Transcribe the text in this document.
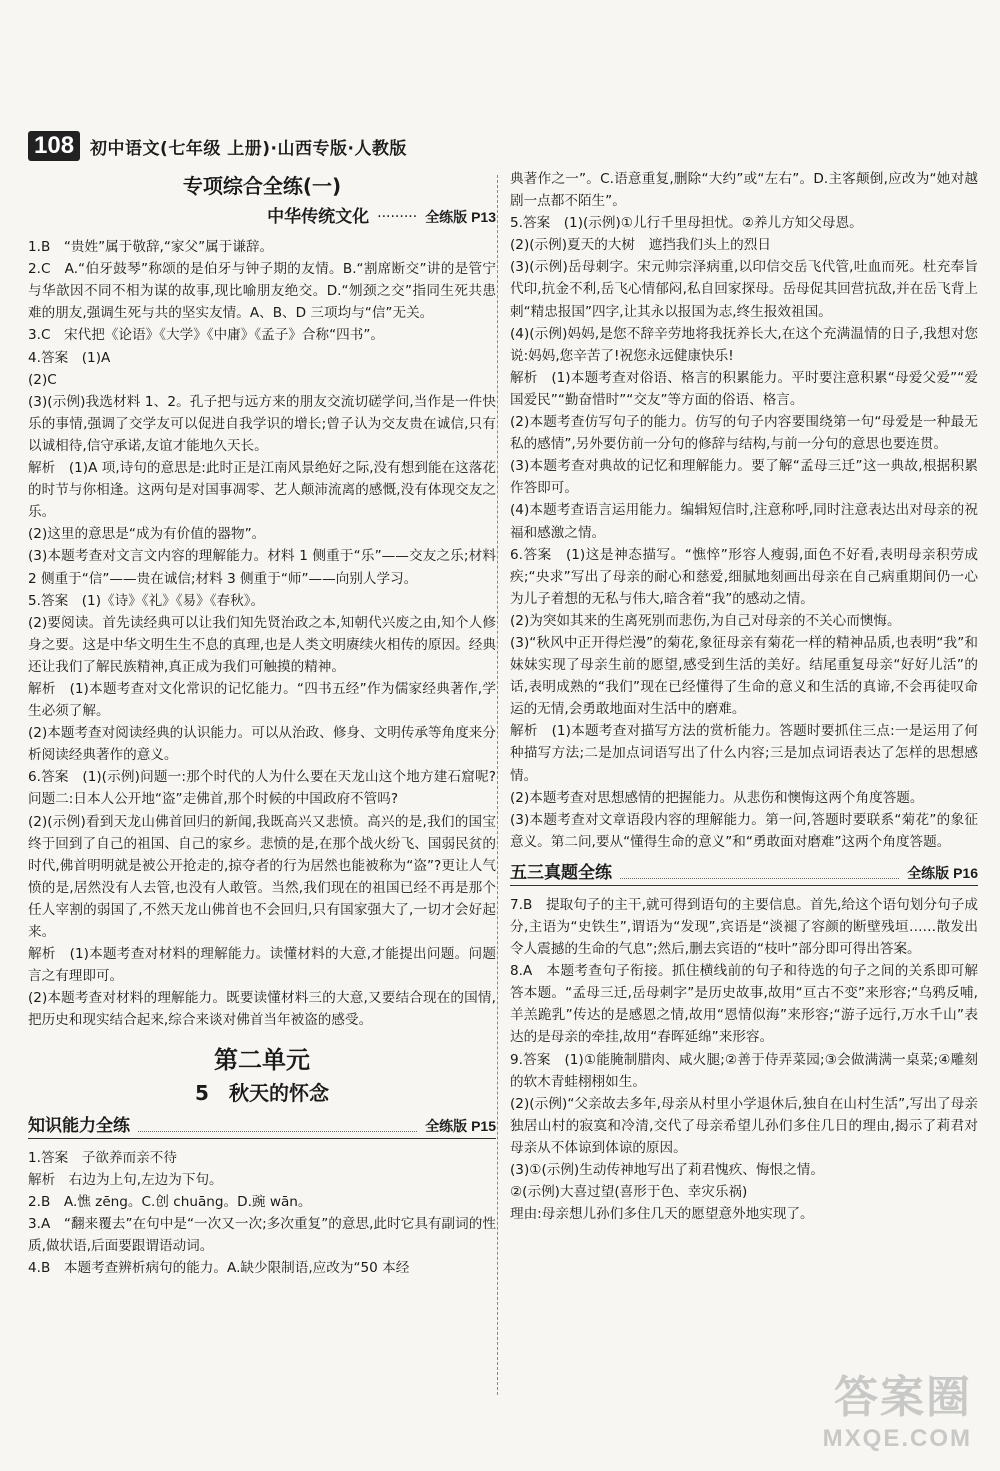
108 初中语文(七年级 上册)·山西专版·人教版
专项综合全练(一)
中华传统文化 ········· 全练版 P13

1.B　“贵姓”属于敬辞,“家父”属于谦辞。

2.C　A.“伯牙鼓琴”称颂的是伯牙与钟子期的友情。B.“割席断交”讲的是管宁与华歆因不同不相为谋的故事,现比喻朋友绝交。D.“刎颈之交”指同生死共患难的朋友,强调生死与共的坚实友情。A、B、D 三项均与“信”无关。

3.C　宋代把《论语》《大学》《中庸》《孟子》合称“四书”。

4.答案　(1)A

(2)C

(3)(示例)我选材料 1、2。孔子把与远方来的朋友交流切磋学问,当作是一件快乐的事情,强调了交学友可以促进自我学识的增长;曾子认为交友贵在诚信,只有以诚相待,信守承诺,友谊才能地久天长。

解析　(1)A 项,诗句的意思是:此时正是江南风景绝好之际,没有想到能在这落花的时节与你相逢。这两句是对国事凋零、艺人颠沛流离的感慨,没有体现交友之乐。

(2)这里的意思是“成为有价值的器物”。

(3)本题考查对文言文内容的理解能力。材料 1 侧重于“乐”——交友之乐;材料 2 侧重于“信”——贵在诚信;材料 3 侧重于“师”——向别人学习。

5.答案　(1)《诗》《礼》《易》《春秋》。

(2)要阅读。首先读经典可以让我们知先贤治政之本,知朝代兴废之由,知个人修身之要。这是中华文明生生不息的真理,也是人类文明赓续火相传的原因。经典还让我们了解民族精神,真正成为我们可触摸的精神。

解析　(1)本题考查对文化常识的记忆能力。“四书五经”作为儒家经典著作,学生必须了解。

(2)本题考查对阅读经典的认识能力。可以从治政、修身、文明传承等角度来分析阅读经典著作的意义。

6.答案　(1)(示例)问题一:那个时代的人为什么要在天龙山这个地方建石窟呢?问题二:日本人公开地“盗”走佛首,那个时候的中国政府不管吗?

(2)(示例)看到天龙山佛首回归的新闻,我既高兴又悲愤。高兴的是,我们的国宝终于回到了自己的祖国、自己的家乡。悲愤的是,在那个战火纷飞、国弱民贫的时代,佛首明明就是被公开抢走的,掠夺者的行为居然也能被称为“盗”?更让人气愤的是,居然没有人去管,也没有人敢管。当然,我们现在的祖国已经不再是那个任人宰割的弱国了,不然天龙山佛首也不会回归,只有国家强大了,一切才会好起来。

解析　(1)本题考查对材料的理解能力。读懂材料的大意,才能提出问题。问题言之有理即可。

(2)本题考查对材料的理解能力。既要读懂材料三的大意,又要结合现在的国情,把历史和现实结合起来,综合来谈对佛首当年被盗的感受。

第二单元
5　秋天的怀念
知识能力全练	全练版 P15

1.答案　子欲养而亲不待

解析　右边为上句,左边为下句。

2.B　A.憔 zēng。C.创 chuāng。D.豌 wān。

3.A　“翻来覆去”在句中是“一次又一次;多次重复”的意思,此时它具有副词的性质,做状语,后面要跟谓语动词。

4.B　本题考查辨析病句的能力。A.缺少限制语,应改为“50 本经

典著作之一”。C.语意重复,删除“大约”或“左右”。D.主客颠倒,应改为“她对越剧一点都不陌生”。

5.答案　(1)(示例)①儿行千里母担忧。②养儿方知父母恩。

(2)(示例)夏天的大树　遮挡我们头上的烈日

(3)(示例)岳母刺字。宋元帅宗泽病重,以印信交岳飞代管,吐血而死。杜充奉旨代印,抗金不利,岳飞心情郁闷,私自回家探母。岳母促其回营抗敌,并在岳飞背上刺“精忠报国”四字,让其永以报国为志,终生报效祖国。

(4)(示例)妈妈,是您不辞辛劳地将我抚养长大,在这个充满温情的日子,我想对您说:妈妈,您辛苦了!祝您永远健康快乐!

解析　(1)本题考查对俗语、格言的积累能力。平时要注意积累“母爱父爱”“爱国爱民”“勤奋惜时”“交友”等方面的俗语、格言。

(2)本题考查仿写句子的能力。仿写的句子内容要围绕第一句“母爱是一种最无私的感情”,另外要仿前一分句的修辞与结构,与前一分句的意思也要连贯。

(3)本题考查对典故的记忆和理解能力。要了解“孟母三迁”这一典故,根据积累作答即可。

(4)本题考查语言运用能力。编辑短信时,注意称呼,同时注意表达出对母亲的祝福和感激之情。

6.答案　(1)这是神态描写。“憔悴”形容人瘦弱,面色不好看,表明母亲积劳成疾;“央求”写出了母亲的耐心和慈爱,细腻地刻画出母亲在自己病重期间仍一心为儿子着想的无私与伟大,暗含着“我”的感动之情。

(2)为突如其来的生离死别而悲伤,为自己对母亲的不关心而懊悔。

(3)“秋风中正开得烂漫”的菊花,象征母亲有菊花一样的精神品质,也表明“我”和妹妹实现了母亲生前的愿望,感受到生活的美好。结尾重复母亲“好好儿活”的话,表明成熟的“我们”现在已经懂得了生命的意义和生活的真谛,不会再徒叹命运的无情,会勇敢地面对生活中的磨难。

解析　(1)本题考查对描写方法的赏析能力。答题时要抓住三点:一是运用了何种描写方法;二是加点词语写出了什么内容;三是加点词语表达了怎样的思想感情。

(2)本题考查对思想感情的把握能力。从悲伤和懊悔这两个角度答题。

(3)本题考查对文章语段内容的理解能力。第一问,答题时要联系“菊花”的象征意义。第二问,要从“懂得生命的意义”和“勇敢面对磨难”这两个角度答题。

五三真题全练	全练版 P16

7.B　提取句子的主干,就可得到语句的主要信息。首先,给这个语句划分句子成分,主语为“史铁生”,谓语为“发现”,宾语是“淡褪了容颜的断壁残垣……散发出令人震撼的生命的气息”;然后,删去宾语的“枝叶”部分即可得出答案。

8.A　本题考查句子衔接。抓住横线前的句子和待选的句子之间的关系即可解答本题。“孟母三迁,岳母刺字”是历史故事,故用“亘古不变”来形容;“乌鸦反哺,羊羔跪乳”传达的是感恩之情,故用“恩情似海”来形容;“游子远行,万水千山”表达的是母亲的牵挂,故用“春晖延绵”来形容。

9.答案　(1)①能腌制腊肉、咸火腿;②善于侍弄菜园;③会做满满一桌菜;④雕刻的软木青蛙栩栩如生。

(2)(示例)“父亲故去多年,母亲从村里小学退休后,独自在山村生活”,写出了母亲独居山村的寂寞和冷清,交代了母亲希望儿孙们多住几日的理由,揭示了莉君对母亲从不体谅到体谅的原因。

(3)①(示例)生动传神地写出了莉君愧疚、悔恨之情。

②(示例)大喜过望(喜形于色、幸灾乐祸)

理由:母亲想儿孙们多住几天的愿望意外地实现了。

答案圈
MXQE.COM
